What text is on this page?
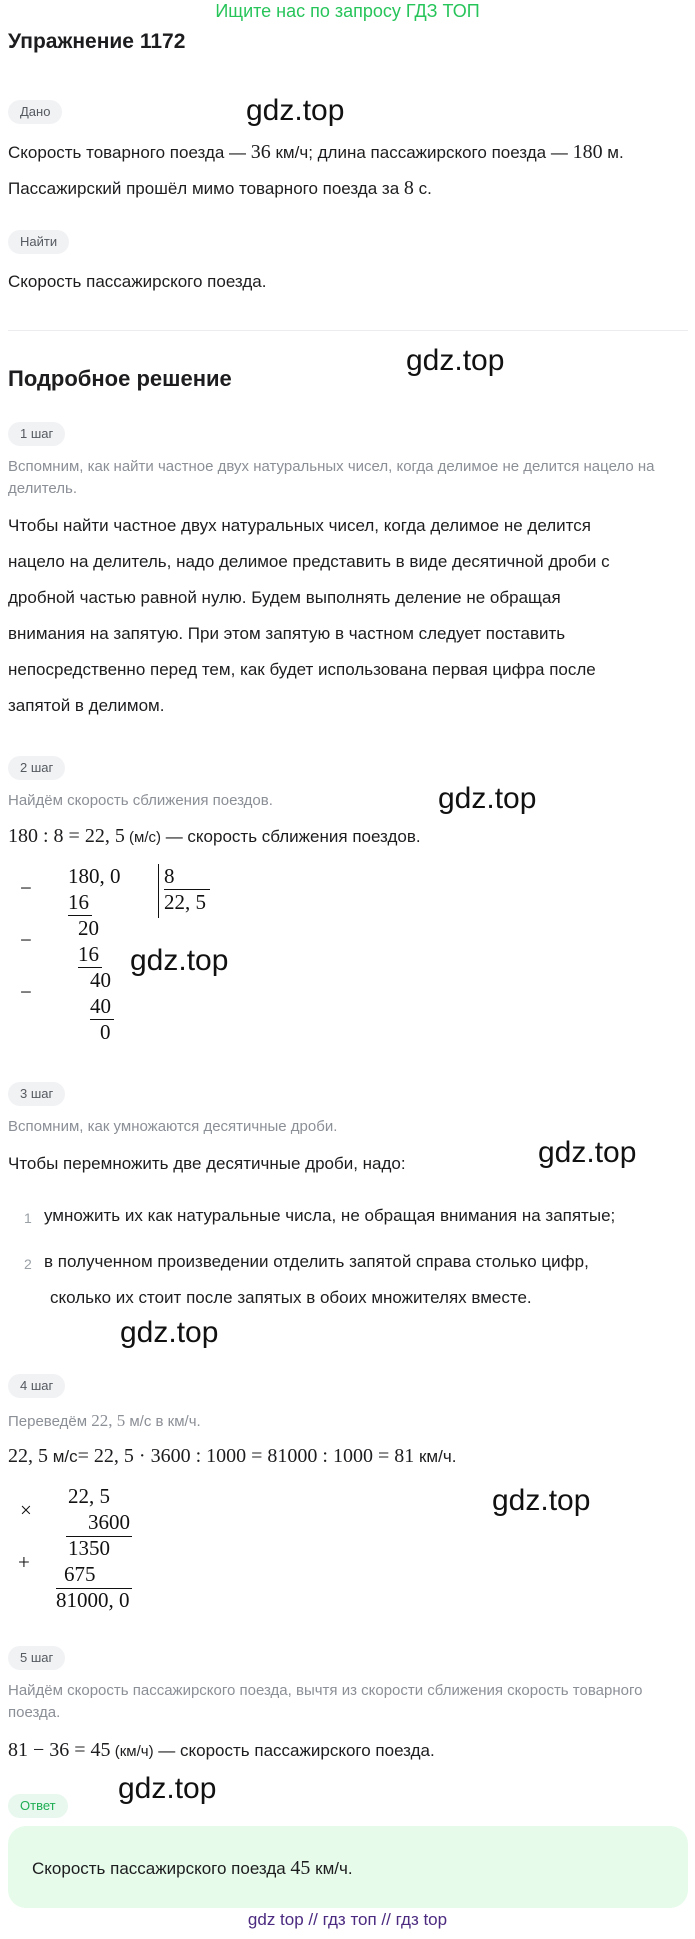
Ищите нас по запросу ГДЗ ТОП
Упражнение 1172
Дано
Скорость товарного поезда — 36 км/ч; длина пассажирского поезда — 180 м.
Пассажирский прошёл мимо товарного поезда за 8 с.
Найти
Скорость пассажирского поезда.
Подробное решение
1 шаг
Вспомним, как найти частное двух натуральных чисел, когда делимое не делится нацело на делитель.
Чтобы найти частное двух натуральных чисел, когда делимое не делится
нацело на делитель, надо делимое представить в виде десятичной дроби с
дробной частью равной нулю. Будем выполнять деление не обращая
внимания на запятую. При этом запятую в частном следует поставить
непосредственно перед тем, как будет использована первая цифра после
запятой в делимом.
2 шаг
Найдём скорость сближения поездов.
180 : 8 = 22, 5 (м/с) — скорость сближения поездов.
−
−
−
180, 0
16
20
16
40
40
0
8
22, 5
3 шаг
Вспомним, как умножаются десятичные дроби.
Чтобы перемножить две десятичные дроби, надо:
1 умножить их как натуральные числа, не обращая внимания на запятые;
2 в полученном произведении отделить запятой справа столько цифр,
сколько их стоит после запятых в обоих множителях вместе.
4 шаг
Переведём 22, 5 м/с в км/ч.
22, 5 м/с= 22, 5 · 3600 : 1000 = 81000 : 1000 = 81 км/ч.
×
+
22, 5
3600
1350
675
81000, 0
5 шаг
Найдём скорость пассажирского поезда, вычтя из скорости сближения скорость товарного поезда.
81 − 36 = 45 (км/ч) — скорость пассажирского поезда.
Ответ
Скорость пассажирского поезда 45 км/ч.
gdz.top
gdz.top
gdz.top
gdz.top
gdz.top
gdz.top
gdz.top
gdz.top
gdz top // гдз топ // гдз top
